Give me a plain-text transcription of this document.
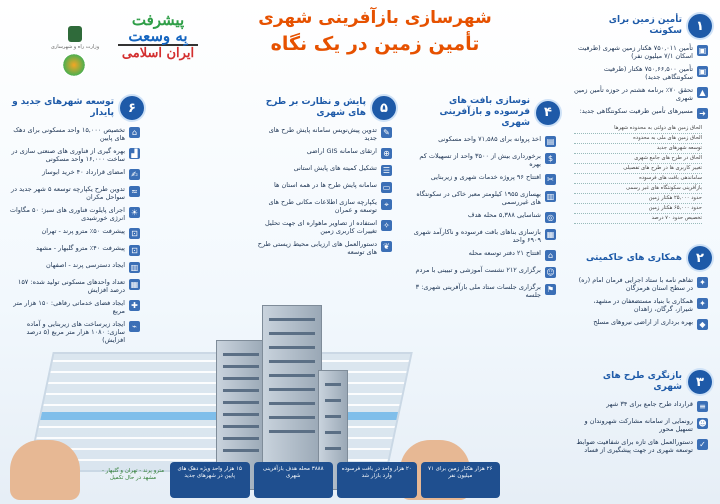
وزارت راه و شهرسازی
پیشرفت
بِه وسعت
ایران اسلامی
شهرسازی بازآفرینی شهری
تأمین زمین در یک نگاه
۱
تأمین زمین برای سکونت
▣
تأمین ۷۵۰,۰۱۱ هکتار زمین شهری (ظرفیت اسکان ۷/۱ میلیون نفر)
▣
تأمین ۷۵۰,۶۶,۵۰۰ هکتار (ظرفیت سکونتگاهی جدید)
▲
تحقق ۷۰٪ برنامه هشتم در حوزه تأمین زمین شهری
➜
مسیرهای تأمین ظرفیت سکونتگاهی جدید:
الحاق زمین های دولتی به محدوده شهرها
الحاق زمین های ملی به محدوده
توسعه شهرهای جدید
الحاق در طرح های جامع شهری
تغییر کاربری ها در طرح های تفصیلی
ساماندهی بافت های فرسوده
بازآفرینی سکونتگاه های غیر رسمی
حدود ۲۵,۰۰۰ هکتار زمین
حدود ۶۵,۰۰۰ هکتار زمین
تخصیص حدود ۷۰ درصد
۲
همکاری های حاکمیتی
✦
تفاهم نامه با ستاد اجرایی فرمان امام (ره) در سطح استان هرمزگان
✦
همکاری با بنیاد مستضعفان در مشهد، شیراز، گرگان، زاهدان
◆
بهره برداری از اراضی نیروهای مسلح
۳
بازنگری طرح های شهری
≡
قرارداد طرح جامع برای ۳۴ شهر
☻
رونمایی از سامانه مشارکت شهروندان و تسهیل محور
✓
دستورالعمل های تازه برای شفافیت ضوابط توسعه شهری در جهت پیشگیری از فساد
۴
نوسازی بافت های فرسوده و بازآفرینی شهری
▤
اخذ پروانه برای ۷۱,۵۸۵ واحد مسکونی
$
برخورداری بیش از ۳۵۰۰ واحد از تسهیلات کم بهره
✂
افتتاح ۹۶ پروژه خدمات شهری و زیربنایی
▥
بهسازی ۱۹۵۵ کیلومتر معبر خاکی در سکونتگاه های غیررسمی
◎
شناسایی ۵,۳۸۸ محله هدف
▦
بازسازی بناهای بافت فرسوده و ناکارآمد شهری ۶۹۰۹ واحد
⌂
افتتاح ۲۱ دفتر توسعه محله
☺
برگزاری ۲۱۲ نشست آموزشی و تبیینی با مردم
⚑
برگزاری جلسات ستاد ملی بازآفرینی شهری: ۳ جلسه
۵
پایش و نظارت بر طرح های شهری
✎
تدوین پیش‌نویس سامانه پایش طرح های جدید
⊕
ارتقای سامانه GIS اراضی
☰
تشکیل کمیته های پایش استانی
▭
سامانه پایش طرح ها در همه استان ها
⌖
یکپارچه سازی اطلاعات مکانی طرح های توسعه و عمران
✧
استفاده از تصاویر ماهواره ای جهت تحلیل تغییرات کاربری زمین
❦
دستورالعمل های ارزیابی محیط زیستی طرح های توسعه
۶
توسعه شهرهای جدید و پایدار
⌂
تخصیص ۱۵,۰۰۰ واحد مسکونی برای دهک های پایین
▟
بهره گیری از فناوری های صنعتی سازی در ساخت ۱۶,۰۰۰ واحد مسکونی
✍
امضای قرارداد ۴۰ خرید ابوساز
≈
تدوین طرح یکپارچه توسعه ۵ شهر جدید در سواحل مکران
☀
اجرای پایلوت فناوری های سبز: ۵۰ مگاوات انرژی خورشیدی
⊡
پیشرفت ۵۰٪ مترو پرند - تهران
⊡
پیشرفت ۴۰٪ مترو گلبهار - مشهد
▥
ایجاد دسترسی پرند - اصفهان
▦
تعداد واحدهای مسکونی تولید شده: ۱۵۷ درصد افزایش
✚
ایجاد فضای خدماتی رفاهی: ۱۵۰ هزار متر مربع
⌁
ایجاد زیرساخت های زیربنایی و آماده سازی: ۱۰۸۰ هزار متر مربع (۵ درصد افزایش)
۲۶ هزار هکتار زمین برای ۷۱ میلیون نفر
۲۰ هزار واحد در بافت فرسوده وارد بازار شد
۳۸۸۸ محله هدف بازآفرینی شهری
۱۵ هزار واحد ویژه دهک های پایین در شهرهای جدید
مترو پرند - تهران و گلبهار - مشهد در حال تکمیل
